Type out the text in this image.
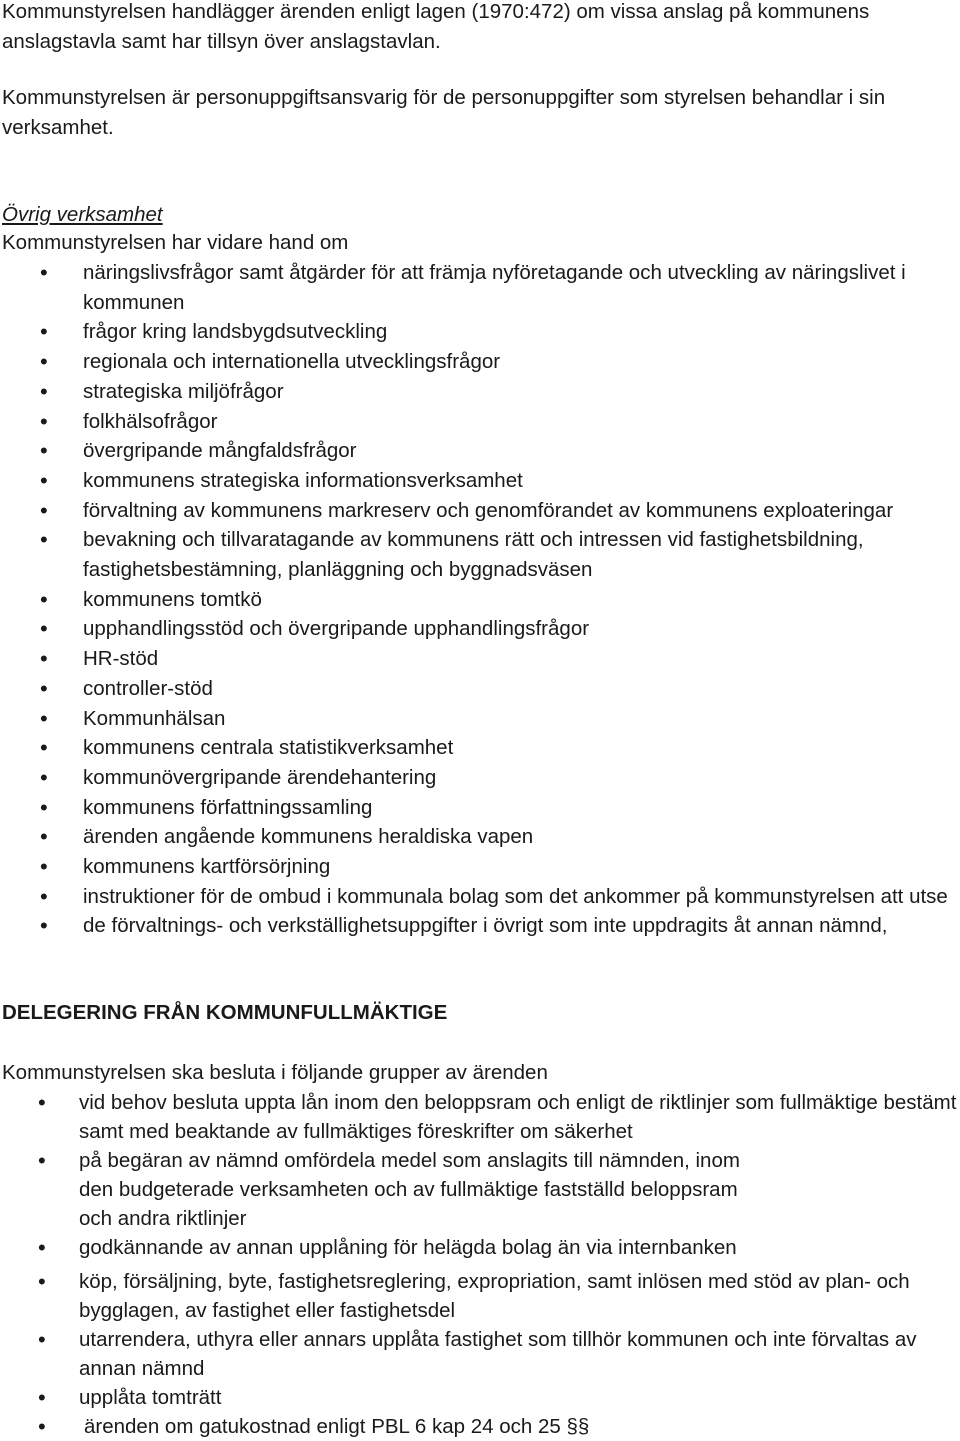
Kommunstyrelsen handlägger ärenden enligt lagen (1970:472) om vissa anslag på kommunens anslagstavla samt har tillsyn över anslagstavlan.

Kommunstyrelsen är personuppgiftsansvarig för de personuppgifter som styrelsen behandlar i sin verksamhet.

Övrig verksamhet

Kommunstyrelsen har vidare hand om

• näringslivsfrågor samt åtgärder för att främja nyföretagande och utveckling av näringslivet i kommunen
• frågor kring landsbygdsutveckling
• regionala och internationella utvecklingsfrågor
• strategiska miljöfrågor
• folkhälsofrågor
• övergripande mångfaldsfrågor
• kommunens strategiska informationsverksamhet
• förvaltning av kommunens markreserv och genomförandet av kommunens exploateringar
• bevakning och tillvaratagande av kommunens rätt och intressen vid fastighetsbildning, fastighetsbestämning, planläggning och byggnadsväsen
• kommunens tomtkö
• upphandlingsstöd och övergripande upphandlingsfrågor
• HR-stöd
• controller-stöd
• Kommunhälsan
• kommunens centrala statistikverksamhet
• kommunövergripande ärendehantering
• kommunens författningssamling
• ärenden angående kommunens heraldiska vapen
• kommunens kartförsörjning
• instruktioner för de ombud i kommunala bolag som det ankommer på kommunstyrelsen att utse
• de förvaltnings- och verkställighetsuppgifter i övrigt som inte uppdragits åt annan nämnd,

DELEGERING FRÅN KOMMUNFULLMÄKTIGE

Kommunstyrelsen ska besluta i följande grupper av ärenden

• vid behov besluta uppta lån inom den beloppsram och enligt de riktlinjer som fullmäktige bestämt samt med beaktande av fullmäktiges föreskrifter om säkerhet
• på begäran av nämnd omfördela medel som anslagits till nämnden, inom den budgeterade verksamheten och av fullmäktige fastställd beloppsram och andra riktlinjer
• godkännande av annan upplåning för helägda bolag än via internbanken
• köp, försäljning, byte, fastighetsreglering, expropriation, samt inlösen med stöd av plan- och bygglagen, av fastighet eller fastighetsdel
• utarrendera, uthyra eller annars upplåta fastighet som tillhör kommunen och inte förvaltas av annan nämnd
• upplåta tomträtt
• ärenden om gatukostnad enligt PBL 6 kap 24 och 25 §§
